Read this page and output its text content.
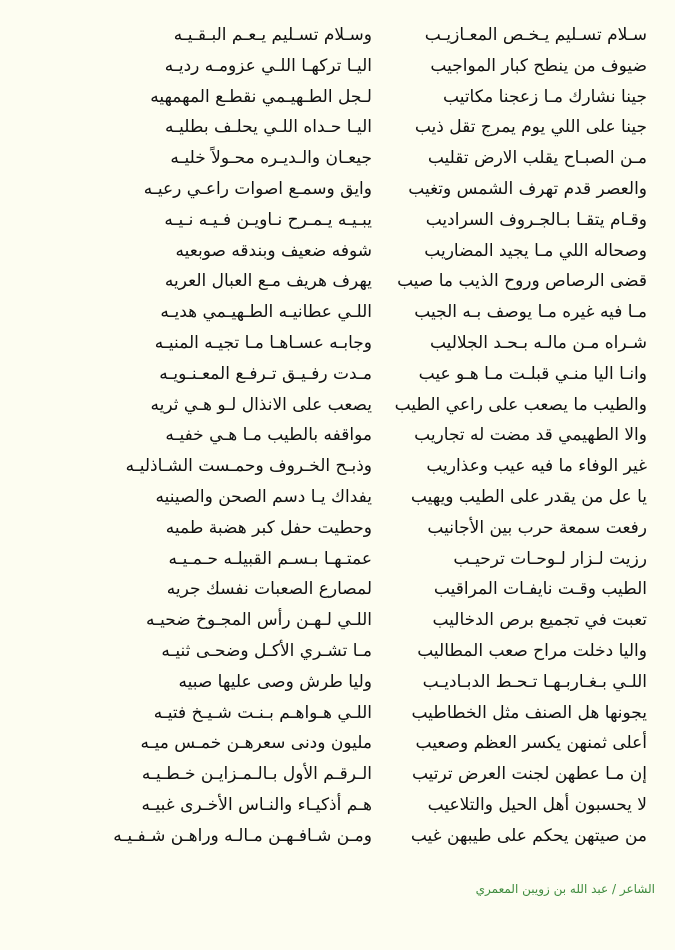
سـلام تسـليم يـخـص المعـازيـب
ضيوف من ينطح كبار المواجيب
جينا نشارك مـا زعجنا مكاتيب
جينا على اللي يوم يمرج تقل ذيب
مـن الصبـاح يقلب الارض تقليب
والعصر قدم تهرف الشمس وتغيب
وقـام يتقـا بـالجـروف السراديب
وصحاله اللي مـا يجيد المضاريب
قضى الرصاص وروح الذيب ما صيب
مـا فيه غيره مـا يوصف بـه الجيب
شـراه مـن مالـه بـحـد الجلاليب
وانـا اليا منـي قبلـت مـا هـو عيب
والطيب ما يصعب على راعي الطيب
والا الطهيمي قد مضت له تجاريب
غير الوفاء ما فيه عيب وعذاريب
يا عل من يقدر على الطيب ويهيب
رفعت سمعة حرب بين الأجانيب
رزيت لـزار لـوحـات ترحيـب
الطيب وقـت نايفـات المراقيب
تعبت في تجميع برص الدخاليب
واليا دخلت مراح صعب المطاليب
اللـي بـغـاربـهـا تـحـط الدبـاديـب
يجونها هل الصنف مثل الخطاطيب
أعلى ثمنهن يكسر العظم وصعيب
إن مـا عطهن لجنت العرض ترتيب
لا يحسبون أهل الحيل والتلاعيب
من صيتهن يحكم على طيبهن غيب
وسـلام تسـليم يـعـم البـقـيـه
اليـا تركهـا اللـي عزومـه رديـه
لـجل الطـهيـمي نقطـع المهمهيه
اليـا حـداه اللـي يحلـف بطليـه
جيعـان والـديـره محـولاً خليـه
وايق وسمـع اصوات راعـي رعيـه
يبـيـه يـمـرح نـاويـن فـيـه نـيـه
شوفه ضعيف وبندقه صوبعيه
يهرف هريف مـع العبال العريه
اللـي عطانيـه الطـهيـمي هديـه
وجابـه عسـاهـا مـا تجيـه المنيـه
مـدت رفـيـق تـرفـع المعـنـويـه
يصعب على الانذال لـو هـي ثريه
مواقفه بالطيب مـا هـي خفيـه
وذبـح الخـروف وحمـست الشـاذليـه
يفداك يـا دسم الصحن والصينيه
وحطيت حفل كبر هضبة طميه
عمتـهـا بـسـم القبيلـه حـمـيـه
لمصارع الصعبات نفسك جريه
اللـي لـهـن رأس المجـوخ ضحيـه
مـا تشـري الأكـل وضحـى ثنيـه
وليا طرش وصى عليها صبيه
اللـي هـواهـم بـنـت شـيـخ فتيـه
مليون ودنى سعرهـن خمـس ميـه
الـرقـم الأول بـالـمـزايـن خـطـيـه
هـم أذكيـاء والنـاس الأخـرى غبيـه
ومـن شـافـهـن مـالـه وراهـن شـفـيـه
الشاعر / عبد الله بن زويبن المعمري
